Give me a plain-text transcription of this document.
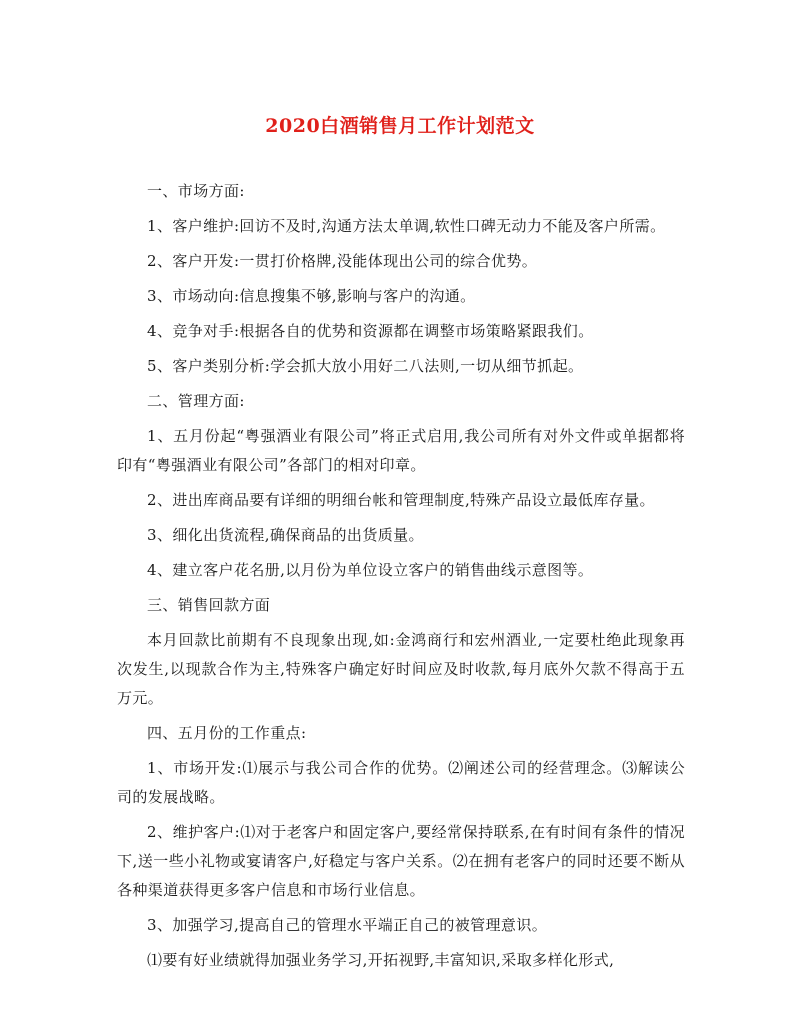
2020白酒销售月工作计划范文

一、市场方面:

1、客户维护:回访不及时,沟通方法太单调,软性口碑无动力不能及客户所需。

2、客户开发:一贯打价格牌,没能体现出公司的综合优势。

3、市场动向:信息搜集不够,影响与客户的沟通。

4、竞争对手:根据各自的优势和资源都在调整市场策略紧跟我们。

5、客户类别分析:学会抓大放小用好二八法则,一切从细节抓起。

二、管理方面:

1、五月份起“粤强酒业有限公司”将正式启用,我公司所有对外文件或单据都将印有“粤强酒业有限公司”各部门的相对印章。

2、进出库商品要有详细的明细台帐和管理制度,特殊产品设立最低库存量。

3、细化出货流程,确保商品的出货质量。

4、建立客户花名册,以月份为单位设立客户的销售曲线示意图等。

三、销售回款方面

本月回款比前期有不良现象出现,如:金鸿商行和宏州酒业,一定要杜绝此现象再次发生,以现款合作为主,特殊客户确定好时间应及时收款,每月底外欠款不得高于五万元。

四、五月份的工作重点:

1、市场开发:⑴展示与我公司合作的优势。⑵阐述公司的经营理念。⑶解读公司的发展战略。

2、维护客户:⑴对于老客户和固定客户,要经常保持联系,在有时间有条件的情况下,送一些小礼物或宴请客户,好稳定与客户关系。⑵在拥有老客户的同时还要不断从各种渠道获得更多客户信息和市场行业信息。

3、加强学习,提高自己的管理水平端正自己的被管理意识。

⑴要有好业绩就得加强业务学习,开拓视野,丰富知识,采取多样化形式,
